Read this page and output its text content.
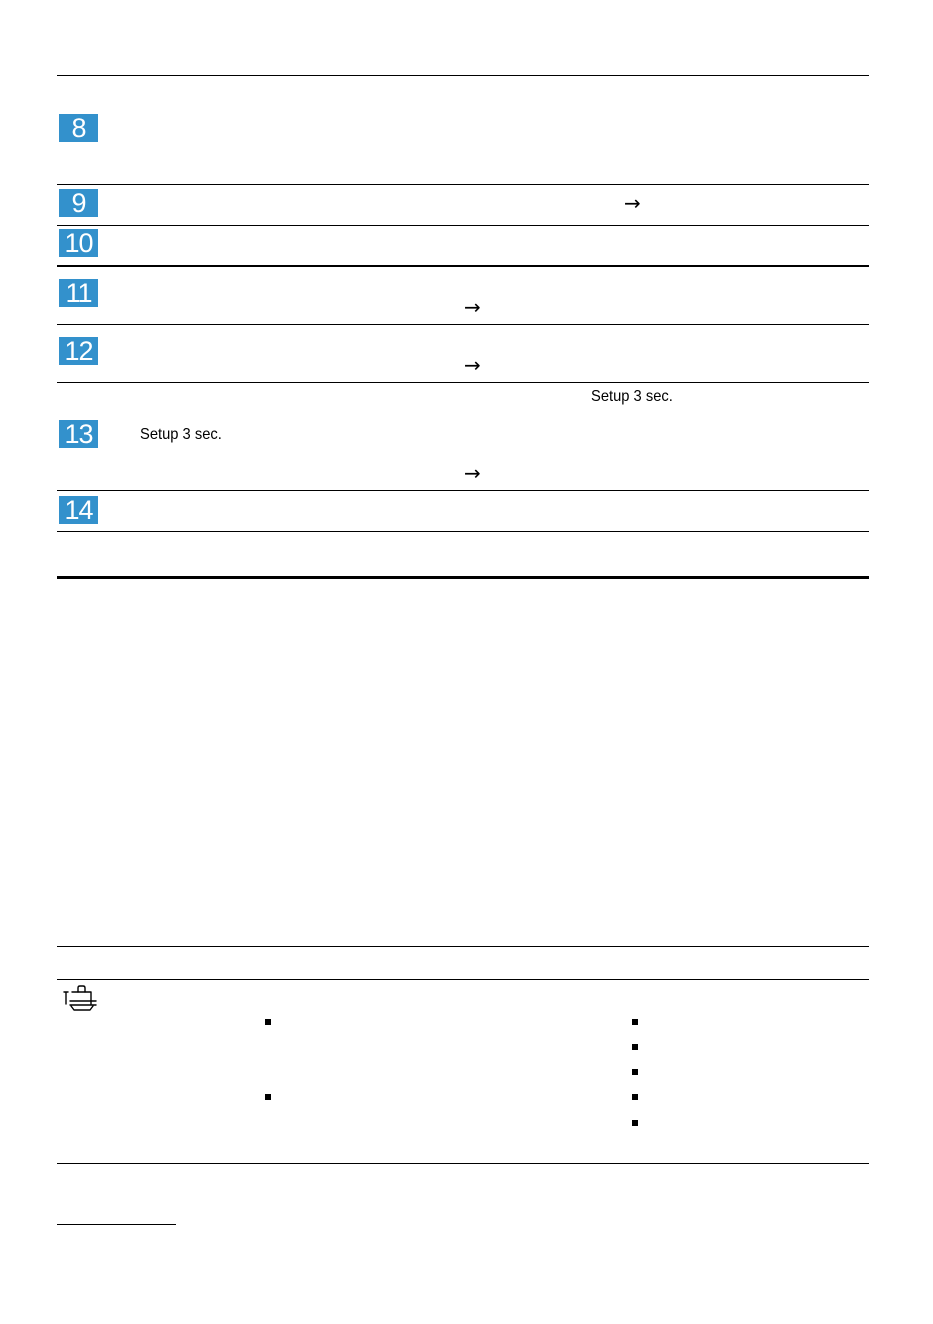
8
9
10
11
12
13
14
→
→
→
→
Setup 3 sec.
Setup 3 sec.
